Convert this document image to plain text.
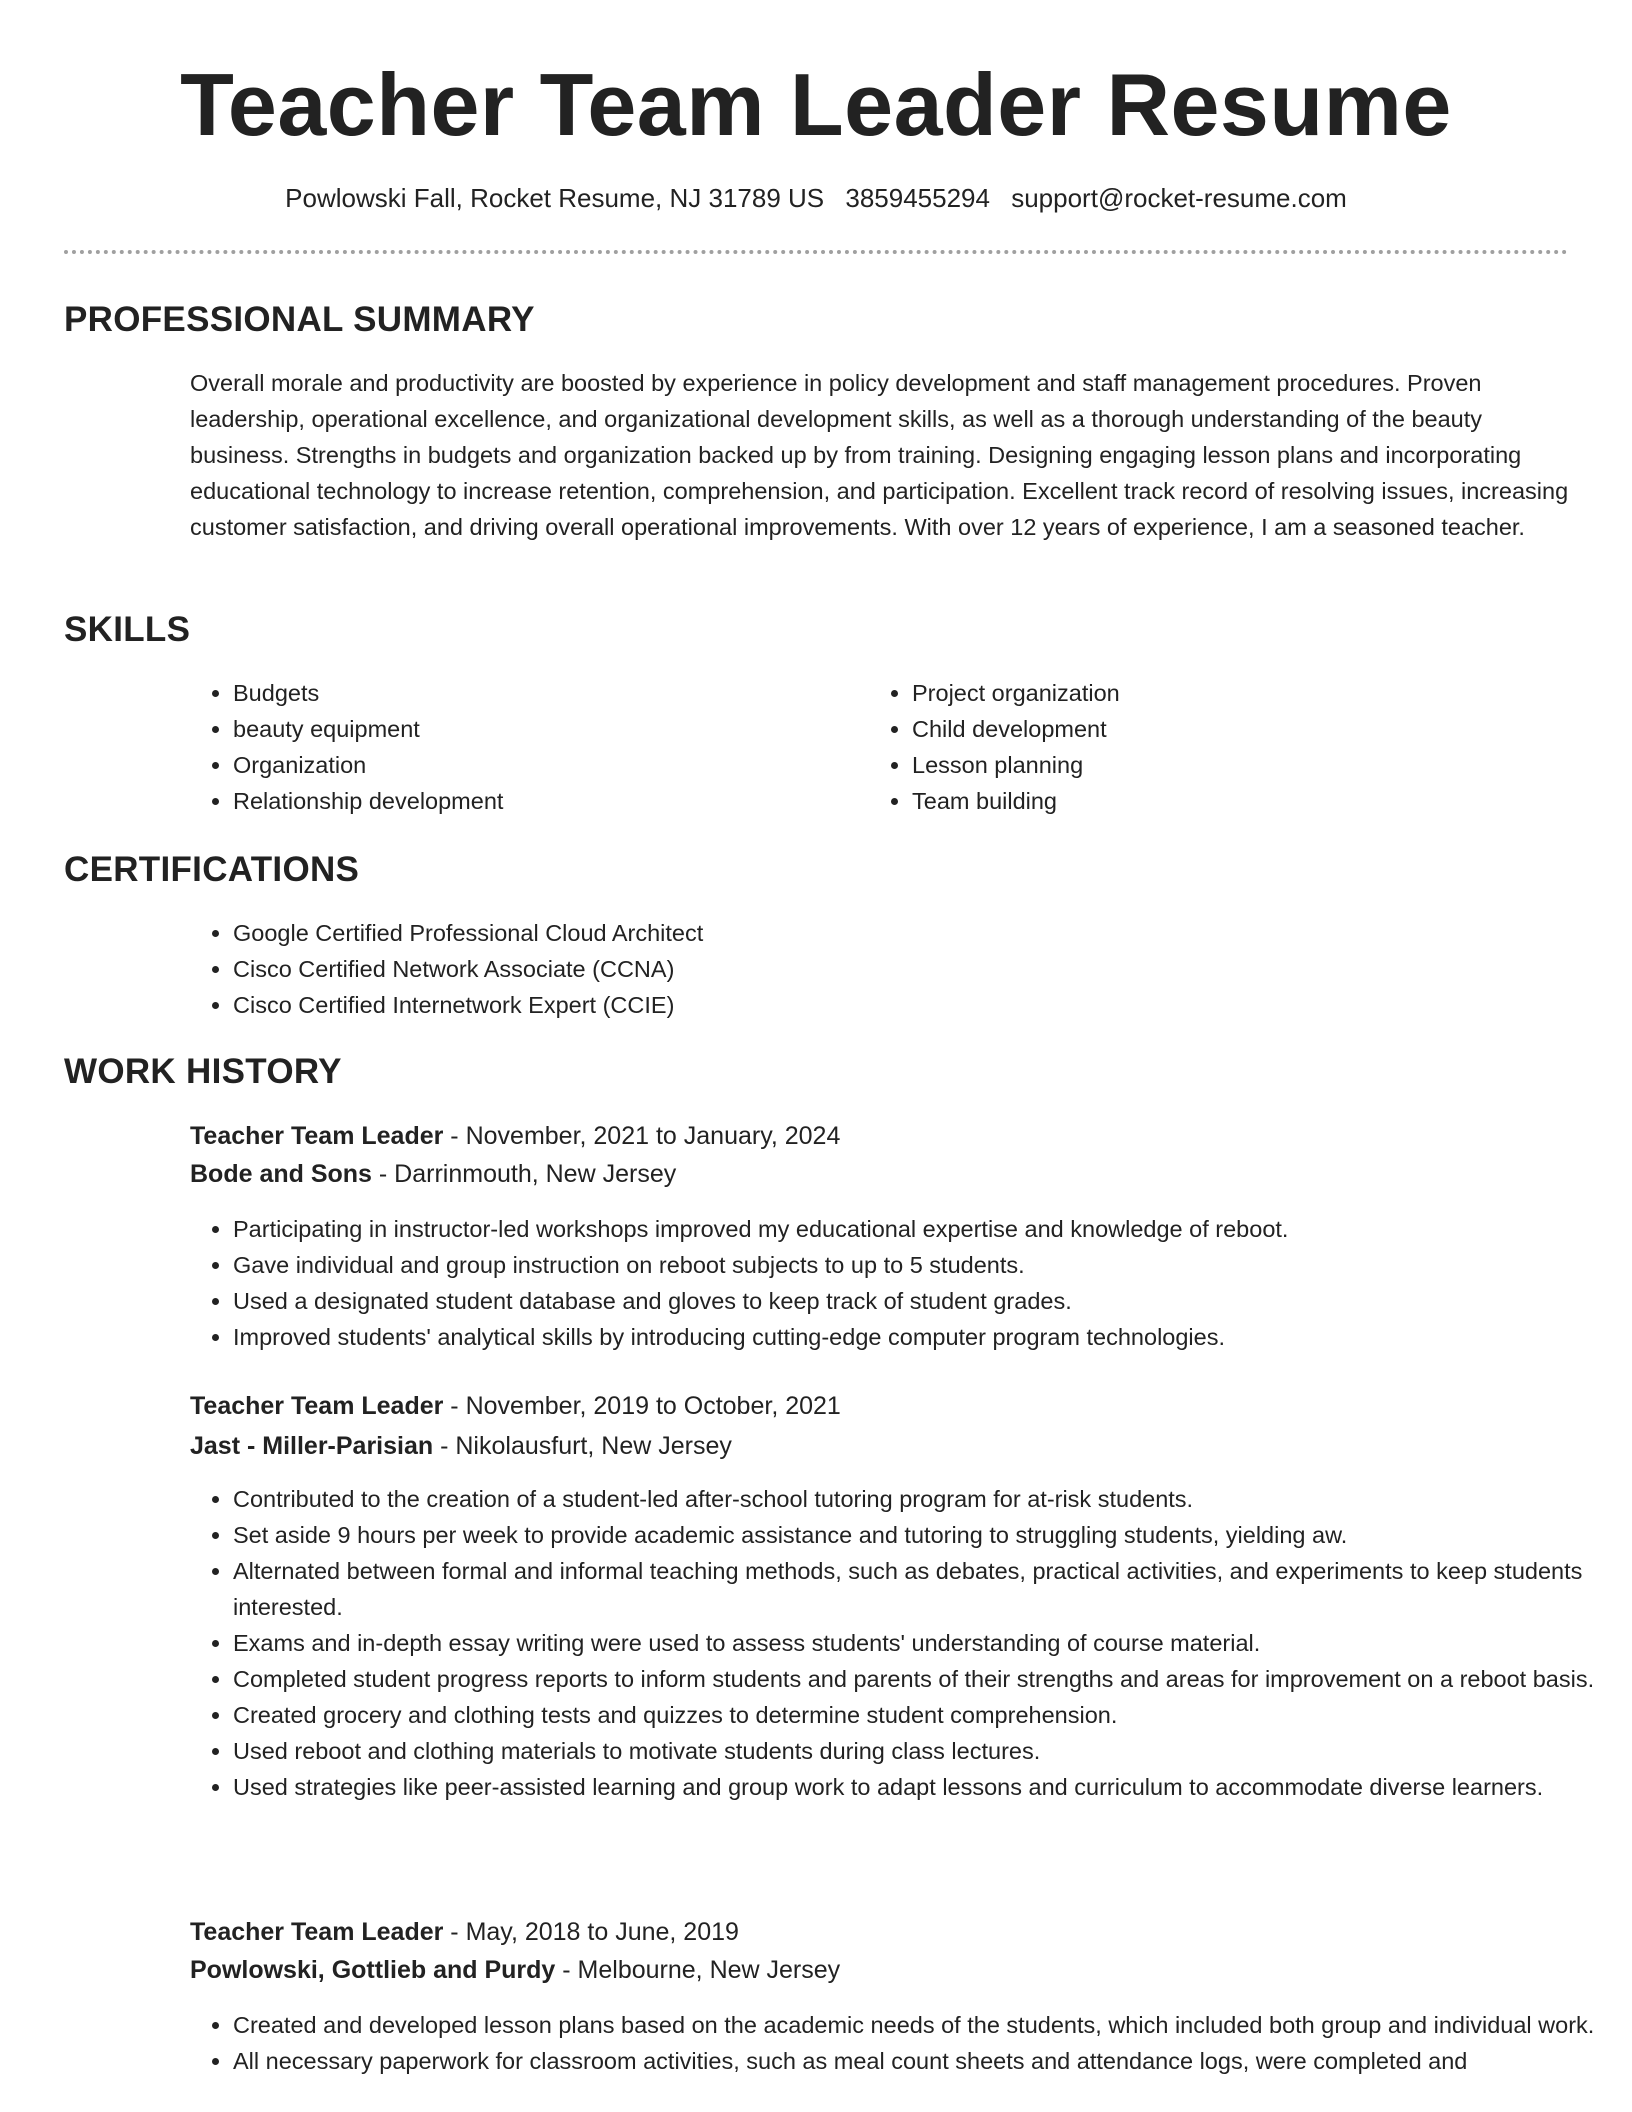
Teacher Team Leader Resume
Powlowski Fall, Rocket Resume, NJ 31789 US 3859455294 support@rocket-resume.com
PROFESSIONAL SUMMARY
Overall morale and productivity are boosted by experience in policy development and staff management procedures. Proven leadership, operational excellence, and organizational development skills, as well as a thorough understanding of the beauty business. Strengths in budgets and organization backed up by from training. Designing engaging lesson plans and incorporating educational technology to increase retention, comprehension, and participation. Excellent track record of resolving issues, increasing customer satisfaction, and driving overall operational improvements. With over 12 years of experience, I am a seasoned teacher.
SKILLS
• Budgets
• beauty equipment
• Organization
• Relationship development
• Project organization
• Child development
• Lesson planning
• Team building
CERTIFICATIONS
• Google Certified Professional Cloud Architect
• Cisco Certified Network Associate (CCNA)
• Cisco Certified Internetwork Expert (CCIE)
WORK HISTORY
Teacher Team Leader - November, 2021 to January, 2024
Bode and Sons - Darrinmouth, New Jersey
• Participating in instructor-led workshops improved my educational expertise and knowledge of reboot.
• Gave individual and group instruction on reboot subjects to up to 5 students.
• Used a designated student database and gloves to keep track of student grades.
• Improved students' analytical skills by introducing cutting-edge computer program technologies.
Teacher Team Leader - November, 2019 to October, 2021
Jast - Miller-Parisian - Nikolausfurt, New Jersey
• Contributed to the creation of a student-led after-school tutoring program for at-risk students.
• Set aside 9 hours per week to provide academic assistance and tutoring to struggling students, yielding aw.
• Alternated between formal and informal teaching methods, such as debates, practical activities, and experiments to keep students interested.
• Exams and in-depth essay writing were used to assess students' understanding of course material.
• Completed student progress reports to inform students and parents of their strengths and areas for improvement on a reboot basis.
• Created grocery and clothing tests and quizzes to determine student comprehension.
• Used reboot and clothing materials to motivate students during class lectures.
• Used strategies like peer-assisted learning and group work to adapt lessons and curriculum to accommodate diverse learners.
Teacher Team Leader - May, 2018 to June, 2019
Powlowski, Gottlieb and Purdy - Melbourne, New Jersey
• Created and developed lesson plans based on the academic needs of the students, which included both group and individual work.
• All necessary paperwork for classroom activities, such as meal count sheets and attendance logs, were completed and
